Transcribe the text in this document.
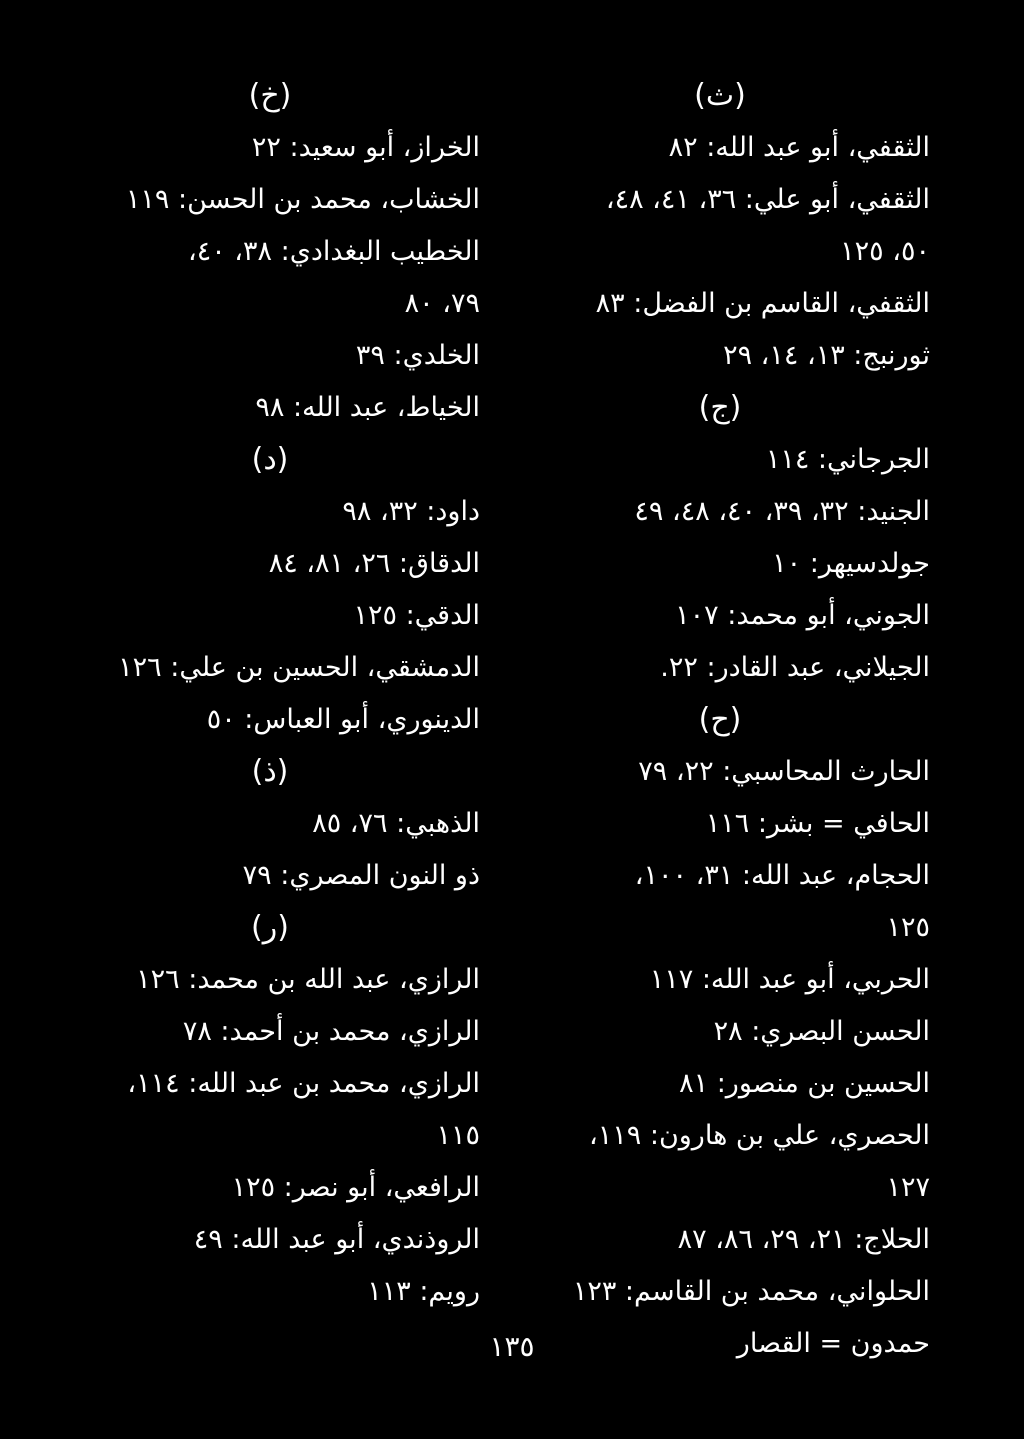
(ث)
الثقفي، أبو عبد الله: ٨٢
الثقفي، أبو علي: ٣٦، ٤١، ٤٨،
٥٠، ١٢٥
الثقفي، القاسم بن الفضل: ٨٣
ثورنبج: ١٣، ١٤، ٢٩
(ج)
الجرجاني: ١١٤
الجنيد: ٣٢، ٣٩، ٤٠، ٤٨، ٤٩
جولدسيهر: ١٠
الجوني، أبو محمد: ١٠٧
الجيلاني، عبد القادر: ٢٢.
(ح)
الحارث المحاسبي: ٢٢، ٧٩
الحافي = بشر: ١١٦
الحجام، عبد الله: ٣١، ١٠٠،
١٢٥
الحربي، أبو عبد الله: ١١٧
الحسن البصري: ٢٨
الحسين بن منصور: ٨١
الحصري، علي بن هارون: ١١٩،
١٢٧
الحلاج: ٢١، ٢٩، ٨٦، ٨٧
الحلواني، محمد بن القاسم: ١٢٣
حمدون = القصار
(خ)
الخراز، أبو سعيد: ٢٢
الخشاب، محمد بن الحسن: ١١٩
الخطيب البغدادي: ٣٨، ٤٠،
٧٩، ٨٠
الخلدي: ٣٩
الخياط، عبد الله: ٩٨
(د)
داود: ٣٢، ٩٨
الدقاق: ٢٦، ٨١، ٨٤
الدقي: ١٢٥
الدمشقي، الحسين بن علي: ١٢٦
الدينوري، أبو العباس: ٥٠
(ذ)
الذهبي: ٧٦، ٨٥
ذو النون المصري: ٧٩
(ر)
الرازي، عبد الله بن محمد: ١٢٦
الرازي، محمد بن أحمد: ٧٨
الرازي، محمد بن عبد الله: ١١٤،
١١٥
الرافعي، أبو نصر: ١٢٥
الروذندي، أبو عبد الله: ٤٩
رويم: ١١٣
١٣٥
